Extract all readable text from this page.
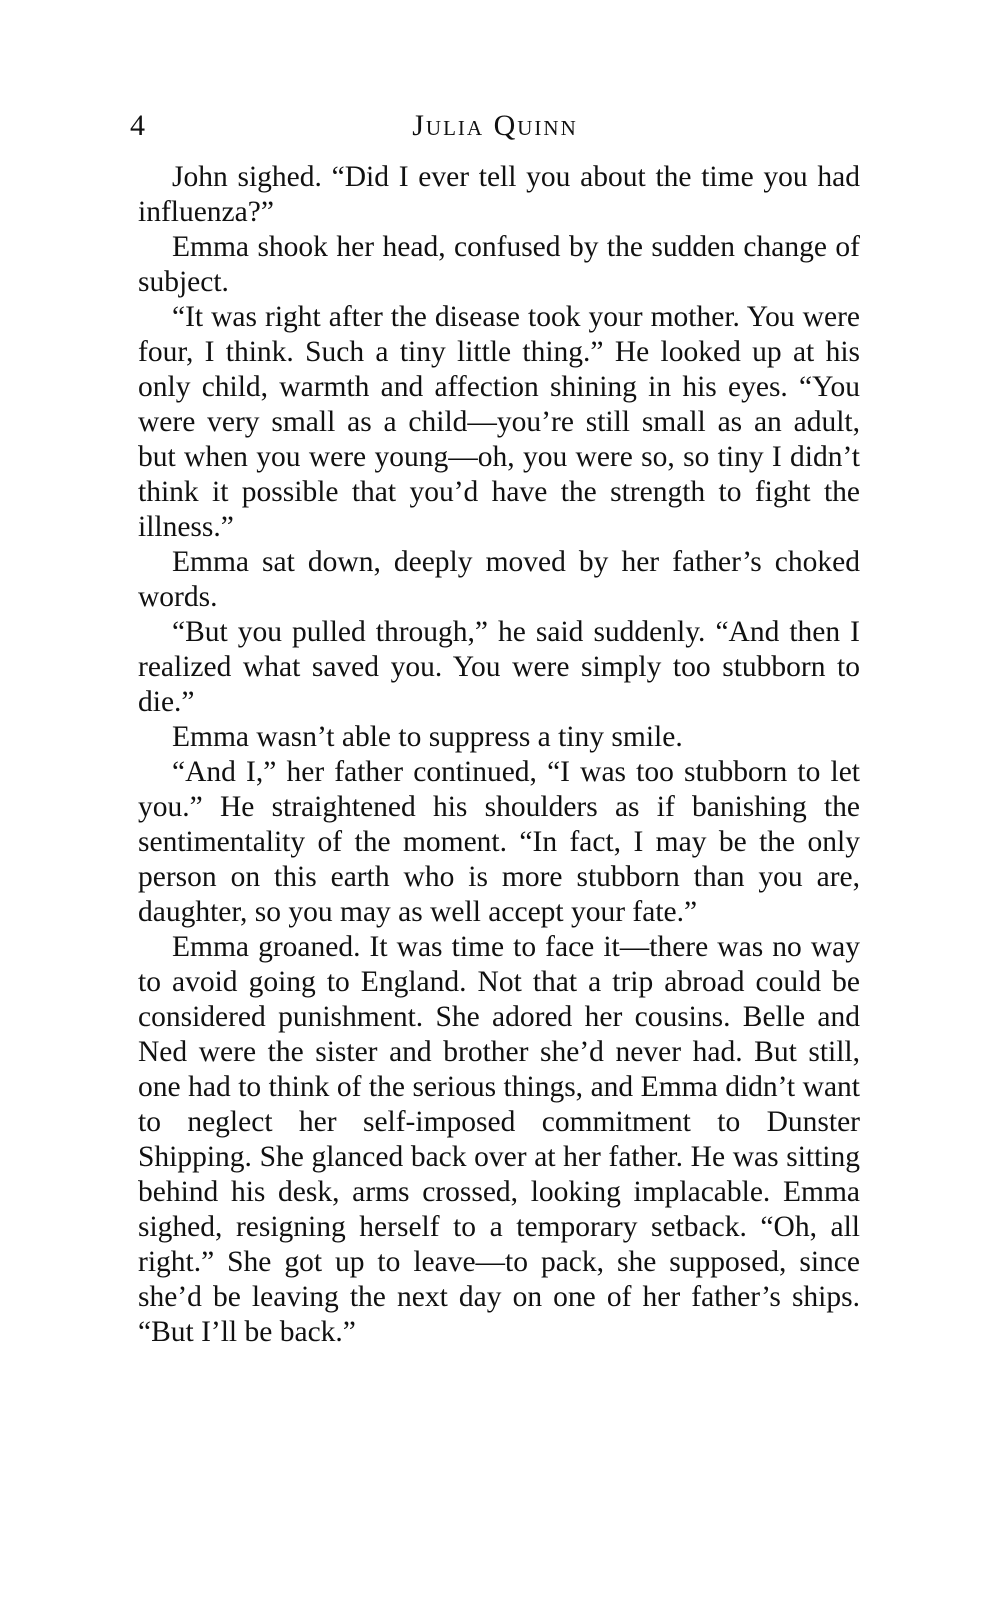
4	Julia Quinn

John sighed. “Did I ever tell you about the time you had influenza?”

Emma shook her head, confused by the sudden change of subject.

“It was right after the disease took your mother. You were four, I think. Such a tiny little thing.” He looked up at his only child, warmth and affection shining in his eyes. “You were very small as a child—you’re still small as an adult, but when you were young—oh, you were so, so tiny I didn’t think it possible that you’d have the strength to fight the illness.”

Emma sat down, deeply moved by her father’s choked words.

“But you pulled through,” he said suddenly. “And then I realized what saved you. You were simply too stubborn to die.”

Emma wasn’t able to suppress a tiny smile.

“And I,” her father continued, “I was too stubborn to let you.” He straightened his shoulders as if banishing the sentimentality of the moment. “In fact, I may be the only person on this earth who is more stubborn than you are, daughter, so you may as well accept your fate.”

Emma groaned. It was time to face it—there was no way to avoid going to England. Not that a trip abroad could be considered punishment. She adored her cousins. Belle and Ned were the sister and brother she’d never had. But still, one had to think of the serious things, and Emma didn’t want to neglect her self-imposed commitment to Dunster Shipping. She glanced back over at her father. He was sitting behind his desk, arms crossed, looking implacable. Emma sighed, resigning herself to a temporary setback. “Oh, all right.” She got up to leave—to pack, she supposed, since she’d be leaving the next day on one of her father’s ships. “But I’ll be back.”
